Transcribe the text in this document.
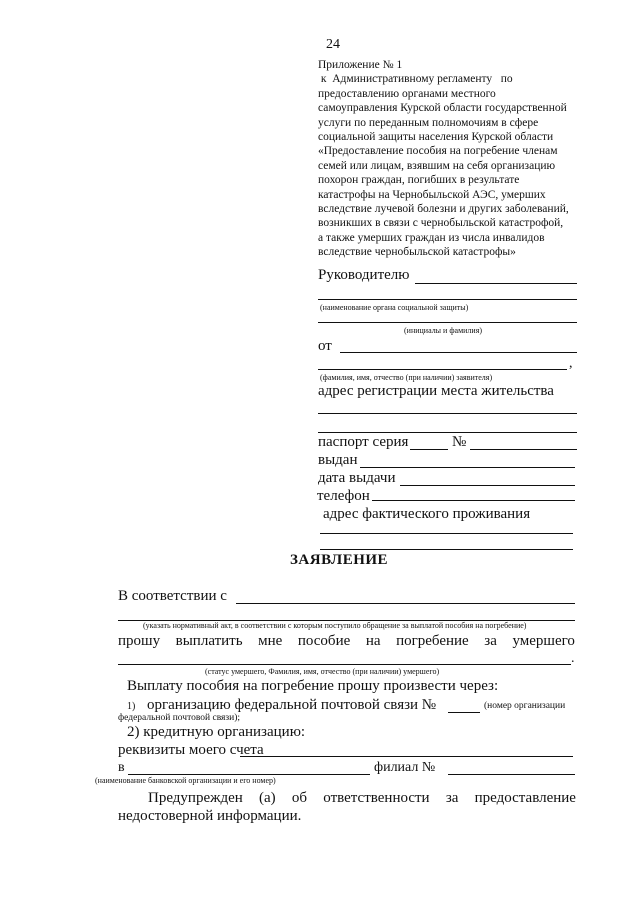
24
Приложение № 1
к  Административному регламенту   по
предоставлению органами местного
самоуправления Курской области государственной
услуги по переданным полномочиям в сфере
социальной защиты населения Курской области
«Предоставление пособия на погребение членам
семей или лицам, взявшим на себя организацию
похорон граждан, погибших в результате
катастрофы на Чернобыльской АЭС, умерших
вследствие лучевой болезни и других заболеваний,
возникших в связи с чернобыльской катастрофой,
а также умерших граждан из числа инвалидов
вследствие чернобыльской катастрофы»
Руководителю
(наименование органа социальной защиты)
(инициалы и фамилия)
от
,
(фамилия, имя, отчество (при наличии) заявителя)
адрес регистрации места жительства
паспорт серия	№
выдан
дата выдачи
телефон
адрес фактического проживания
ЗАЯВЛЕНИЕ
В соответствии с
(указать нормативный акт, в соответствии с которым поступило обращение за выплатой пособия на погребение)
прошу выплатить мне пособие на погребение за умершего
.
(статус умершего, Фамилия, имя, отчество (при наличии) умершего)
Выплату пособия на погребение прошу произвести через:
1) организацию федеральной почтовой связи №	(номер организации
федеральной почтовой связи);
2) кредитную организацию:
реквизиты моего счета
в	филиал №
(наименование банковской организации и его номер)
Предупрежден (а) об ответственности за предоставление
недостоверной информации.
